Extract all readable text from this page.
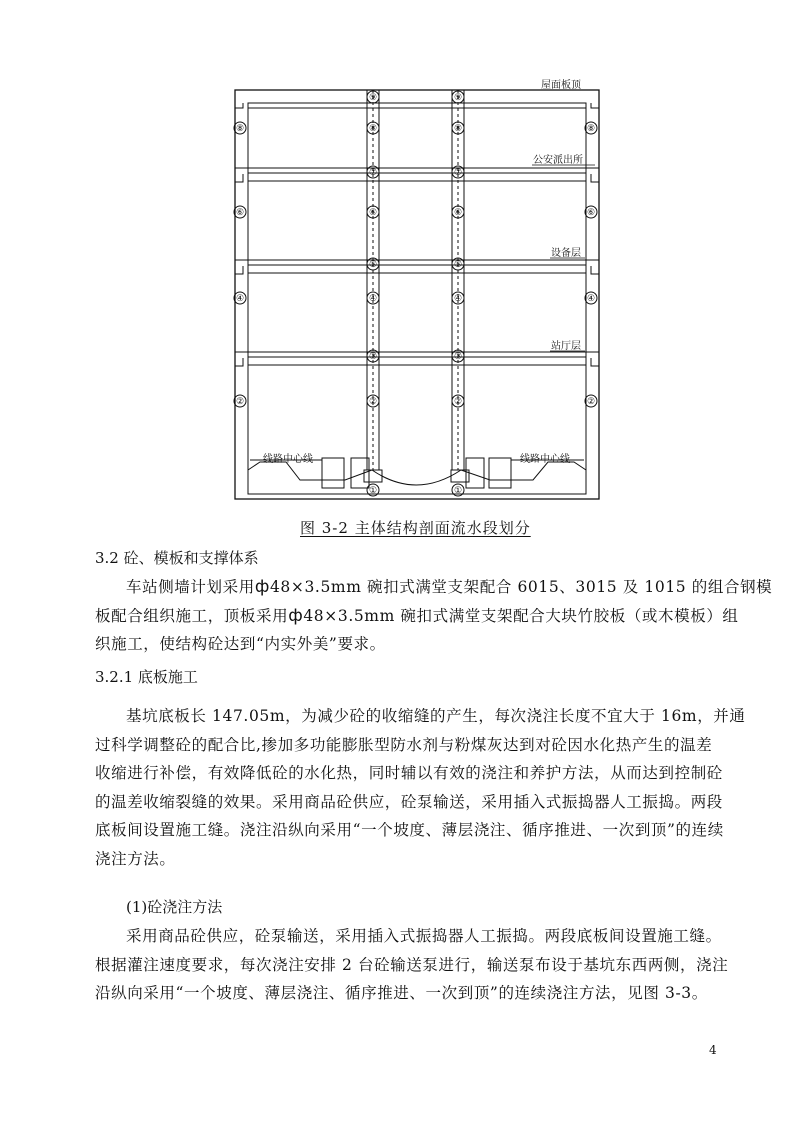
⑨	⑨
⑧	⑧	⑧	⑧
⑦	⑦
⑥	⑥	⑥	⑥
⑤	⑤
④	④	④	④
③	③
②	②	②	②
①	①
屋面板顶
公安派出所
设备层
站厅层
线路中心线	线路中心线
图 3-2 主体结构剖面流水段划分
3.2 砼、模板和支撑体系
车站侧墙计划采用ф48×3.5mm 碗扣式满堂支架配合 6015、3015 及 1015 的组合钢模
板配合组织施工，顶板采用ф48×3.5mm 碗扣式满堂支架配合大块竹胶板（或木模板）组
织施工，使结构砼达到“内实外美”要求。
3.2.1 底板施工
基坑底板长 147.05m，为减少砼的收缩缝的产生，每次浇注长度不宜大于 16m，并通
过科学调整砼的配合比,掺加多功能膨胀型防水剂与粉煤灰达到对砼因水化热产生的温差
收缩进行补偿，有效降低砼的水化热，同时辅以有效的浇注和养护方法，从而达到控制砼
的温差收缩裂缝的效果。采用商品砼供应，砼泵输送，采用插入式振捣器人工振捣。两段
底板间设置施工缝。浇注沿纵向采用“一个坡度、薄层浇注、循序推进、一次到顶”的连续
浇注方法。
(1)砼浇注方法
采用商品砼供应，砼泵输送，采用插入式振捣器人工振捣。两段底板间设置施工缝。
根据灌注速度要求，每次浇注安排 2 台砼输送泵进行，输送泵布设于基坑东西两侧，浇注
沿纵向采用“一个坡度、薄层浇注、循序推进、一次到顶”的连续浇注方法，见图 3-3。
4
